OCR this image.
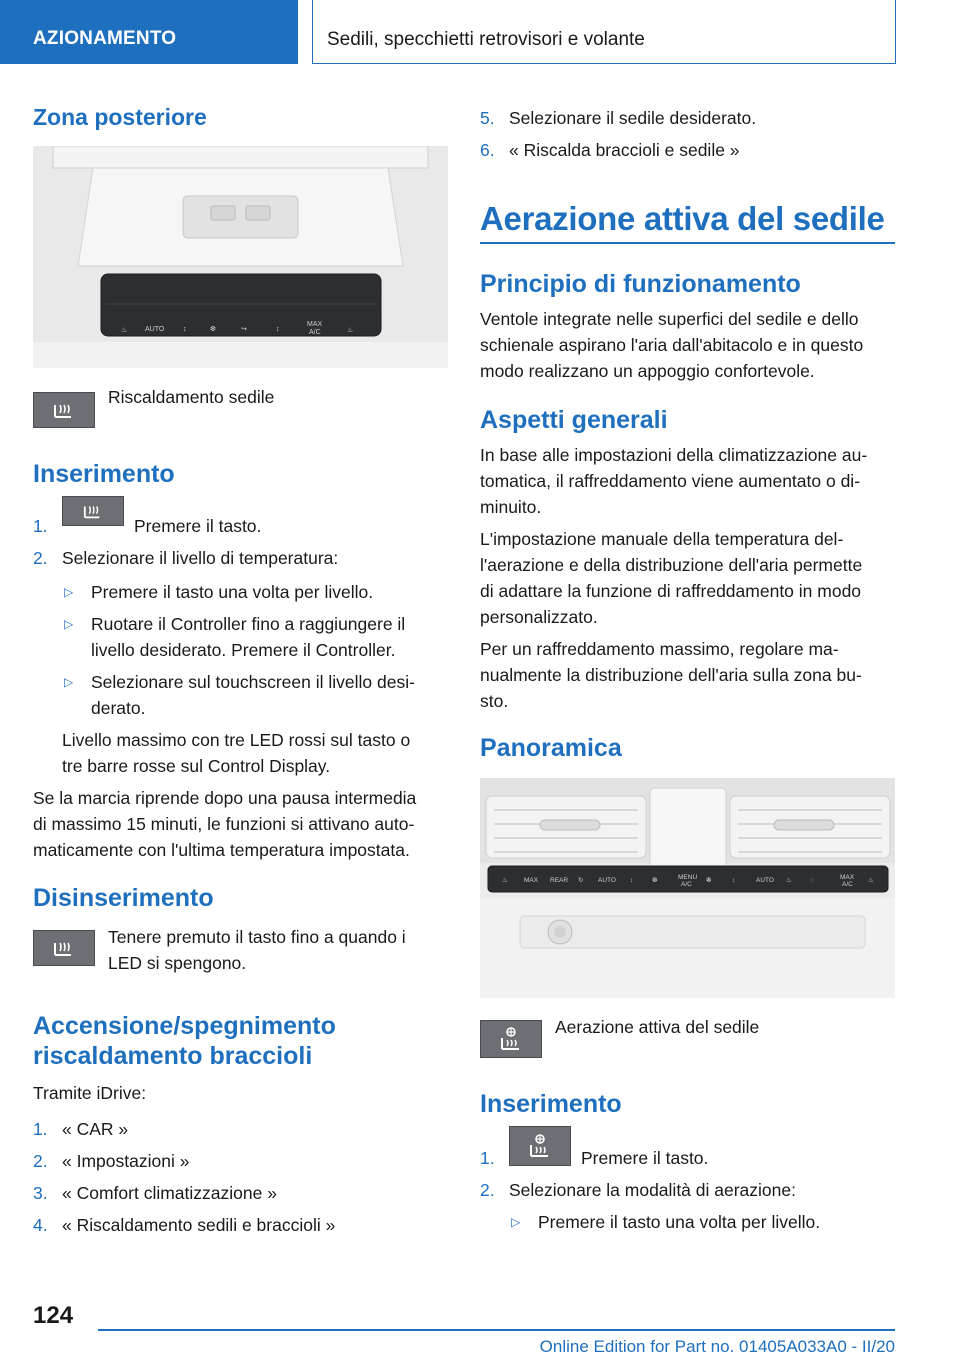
AZIONAMENTO	Sedili, specchietti retrovisori e volante
Zona posteriore
♨	AUTO	↕	❆	↪	↕
MAX
A/C	♨
Riscaldamento sedile
Inserimento
1.	Premere il tasto.
2. Selezionare il livello di temperatura:
▷ Premere il tasto una volta per livello.
▷ Ruotare il Controller fino a raggiungere il
livello desiderato. Premere il Controller.
▷ Selezionare sul touchscreen il livello desi-
derato.
Livello massimo con tre LED rossi sul tasto o
tre barre rosse sul Control Display.
Se la marcia riprende dopo una pausa intermedia
di massimo 15 minuti, le funzioni si attivano auto-
maticamente con l'ultima temperatura impostata.
Disinserimento
Tenere premuto il tasto fino a quando i
LED si spengono.
Accensione/spegnimento
riscaldamento braccioli
Tramite iDrive:
1. « CAR »
2. « Impostazioni »
3. « Comfort climatizzazione »
4. « Riscaldamento sedili e braccioli »
5. Selezionare il sedile desiderato.
6. « Riscalda braccioli e sedile »
Aerazione attiva del sedile
Principio di funzionamento
Ventole integrate nelle superfici del sedile e dello
schienale aspirano l'aria dall'abitacolo e in questo
modo realizzano un appoggio confortevole.
Aspetti generali
In base alle impostazioni della climatizzazione au-
tomatica, il raffreddamento viene aumentato o di-
minuito.
L'impostazione manuale della temperatura del-
l'aerazione e della distribuzione dell'aria permette
di adattare la funzione di raffreddamento in modo
personalizzato.
Per un raffreddamento massimo, regolare ma-
nualmente la distribuzione dell'aria sulla zona bu-
sto.
Panoramica
♨ MAX REAR ↻ AUTO ↕	❆	MENU
A/C
❆	↕	AUTO ♨	◌	MAX
A/C
♨
Aerazione attiva del sedile
Inserimento
1.	Premere il tasto.
2. Selezionare la modalità di aerazione:
▷ Premere il tasto una volta per livello.
124
Online Edition for Part no. 01405A033A0 - II/20
